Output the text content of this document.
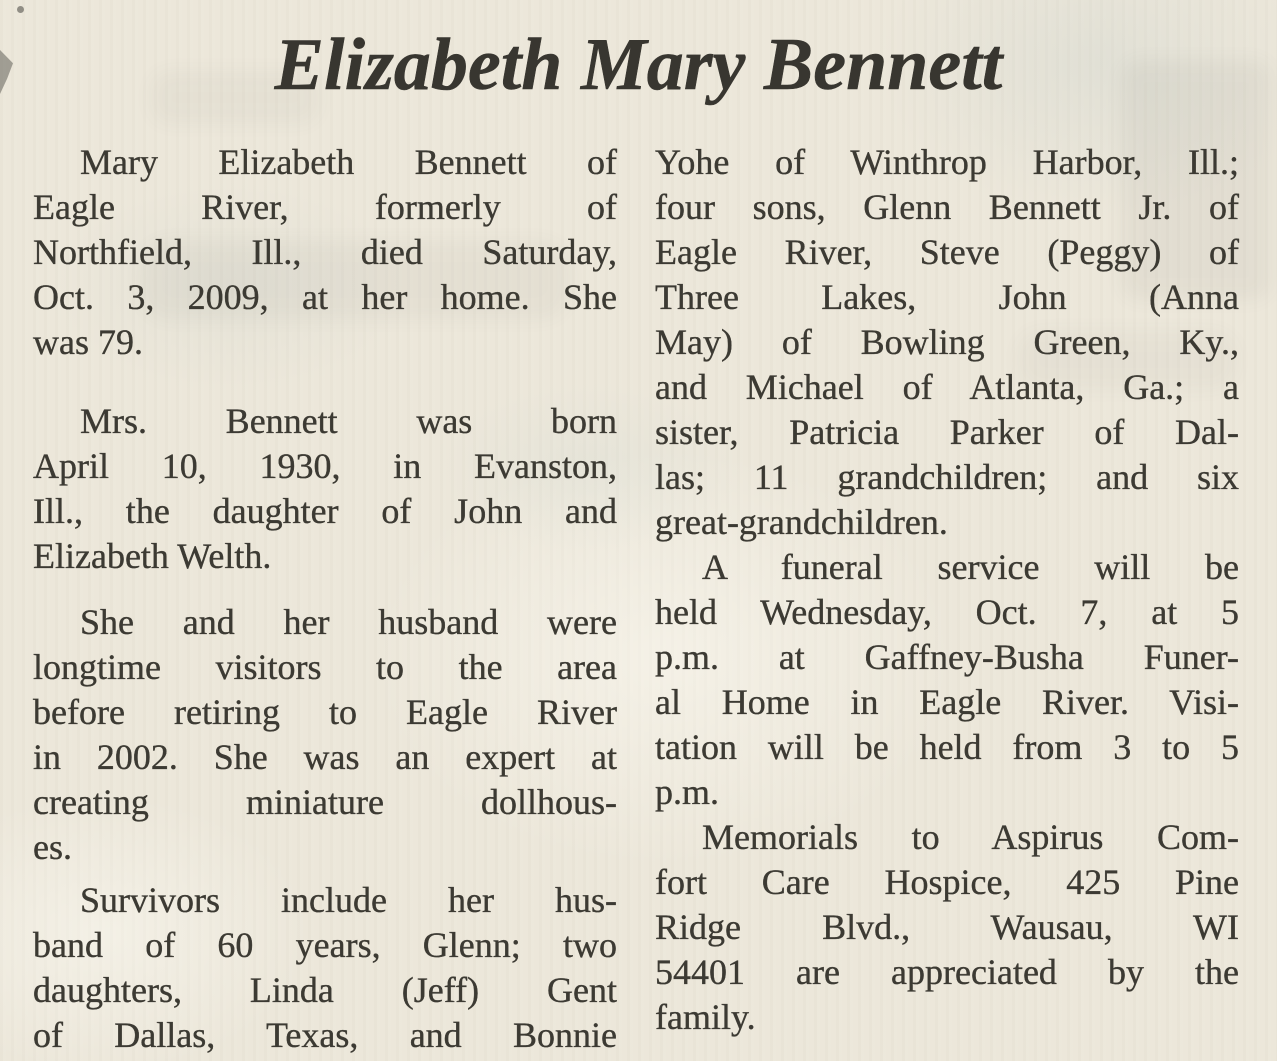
Elizabeth Mary Bennett
Mary Elizabeth Bennett of
Eagle River, formerly of
Northfield, Ill., died Saturday,
Oct. 3, 2009, at her home. She
was 79.
Mrs. Bennett was born
April 10, 1930, in Evanston,
Ill., the daughter of John and
Elizabeth Welth.
She and her husband were
longtime visitors to the area
before retiring to Eagle River
in 2002. She was an expert at
creating miniature dollhous-
es.
Survivors include her hus-
band of 60 years, Glenn; two
daughters, Linda (Jeff) Gent
of Dallas, Texas, and Bonnie
Yohe of Winthrop Harbor, Ill.;
four sons, Glenn Bennett Jr. of
Eagle River, Steve (Peggy) of
Three Lakes, John (Anna
May) of Bowling Green, Ky.,
and Michael of Atlanta, Ga.; a
sister, Patricia Parker of Dal-
las; 11 grandchildren; and six
great-grandchildren.
A funeral service will be
held Wednesday, Oct. 7, at 5
p.m. at Gaffney-Busha Funer-
al Home in Eagle River. Visi-
tation will be held from 3 to 5
p.m.
Memorials to Aspirus Com-
fort Care Hospice, 425 Pine
Ridge Blvd., Wausau, WI
54401 are appreciated by the
family.
